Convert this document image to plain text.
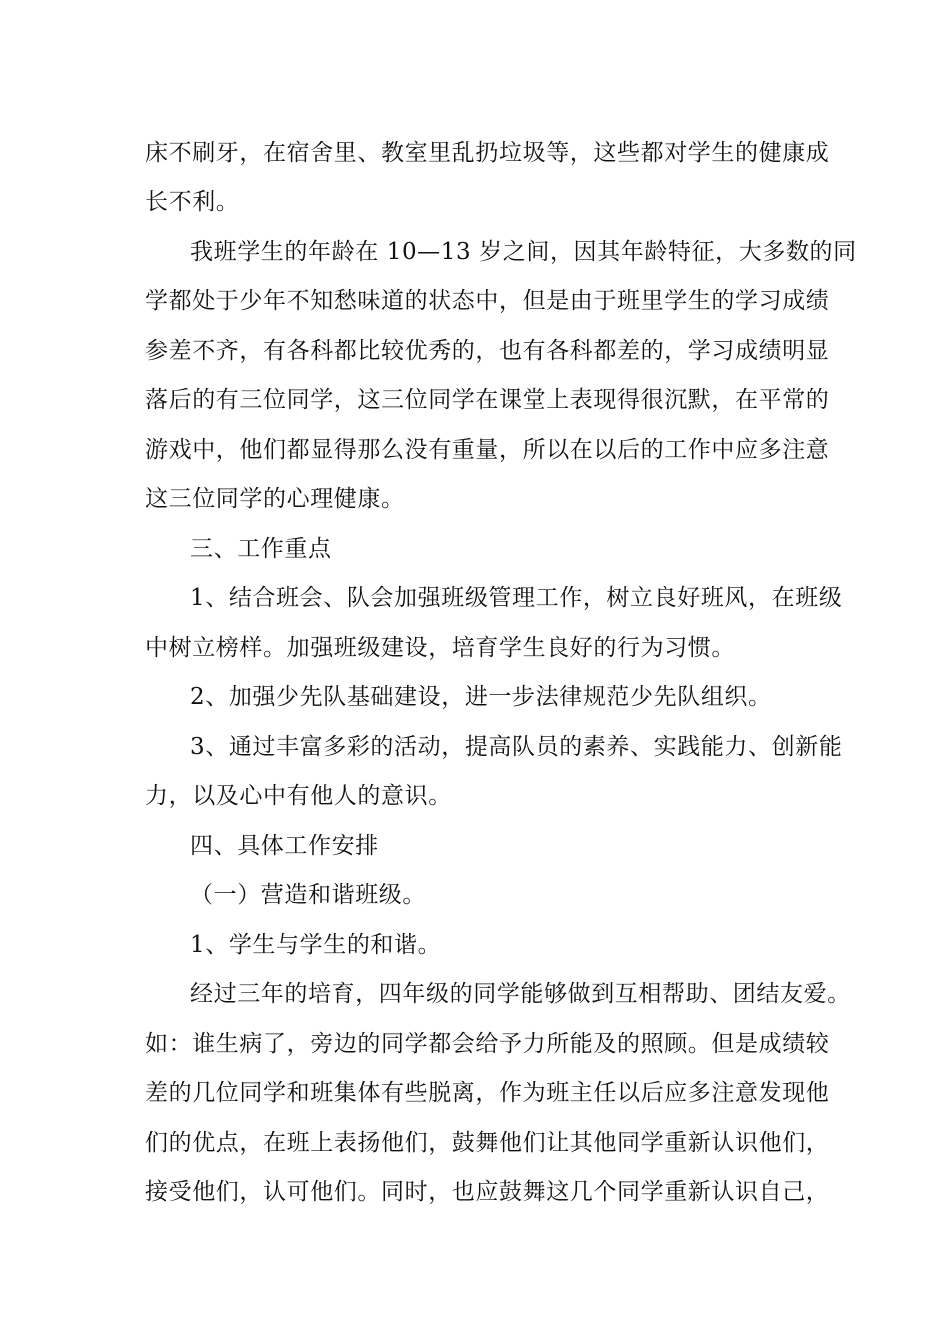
床不刷牙，在宿舍里、教室里乱扔垃圾等，这些都对学生的健康成
长不利。
我班学生的年龄在 10—13 岁之间，因其年龄特征，大多数的同
学都处于少年不知愁味道的状态中，但是由于班里学生的学习成绩
参差不齐，有各科都比较优秀的，也有各科都差的，学习成绩明显
落后的有三位同学，这三位同学在课堂上表现得很沉默，在平常的
游戏中，他们都显得那么没有重量，所以在以后的工作中应多注意
这三位同学的心理健康。
三、工作重点
1、结合班会、队会加强班级管理工作，树立良好班风，在班级
中树立榜样。加强班级建设，培育学生良好的行为习惯。
2、加强少先队基础建设，进一步法律规范少先队组织。
3、通过丰富多彩的活动，提高队员的素养、实践能力、创新能
力，以及心中有他人的意识。
四、具体工作安排
（一）营造和谐班级。
1、学生与学生的和谐。
经过三年的培育，四年级的同学能够做到互相帮助、团结友爱。
如：谁生病了，旁边的同学都会给予力所能及的照顾。但是成绩较
差的几位同学和班集体有些脱离，作为班主任以后应多注意发现他
们的优点，在班上表扬他们，鼓舞他们让其他同学重新认识他们，
接受他们，认可他们。同时，也应鼓舞这几个同学重新认识自己，
